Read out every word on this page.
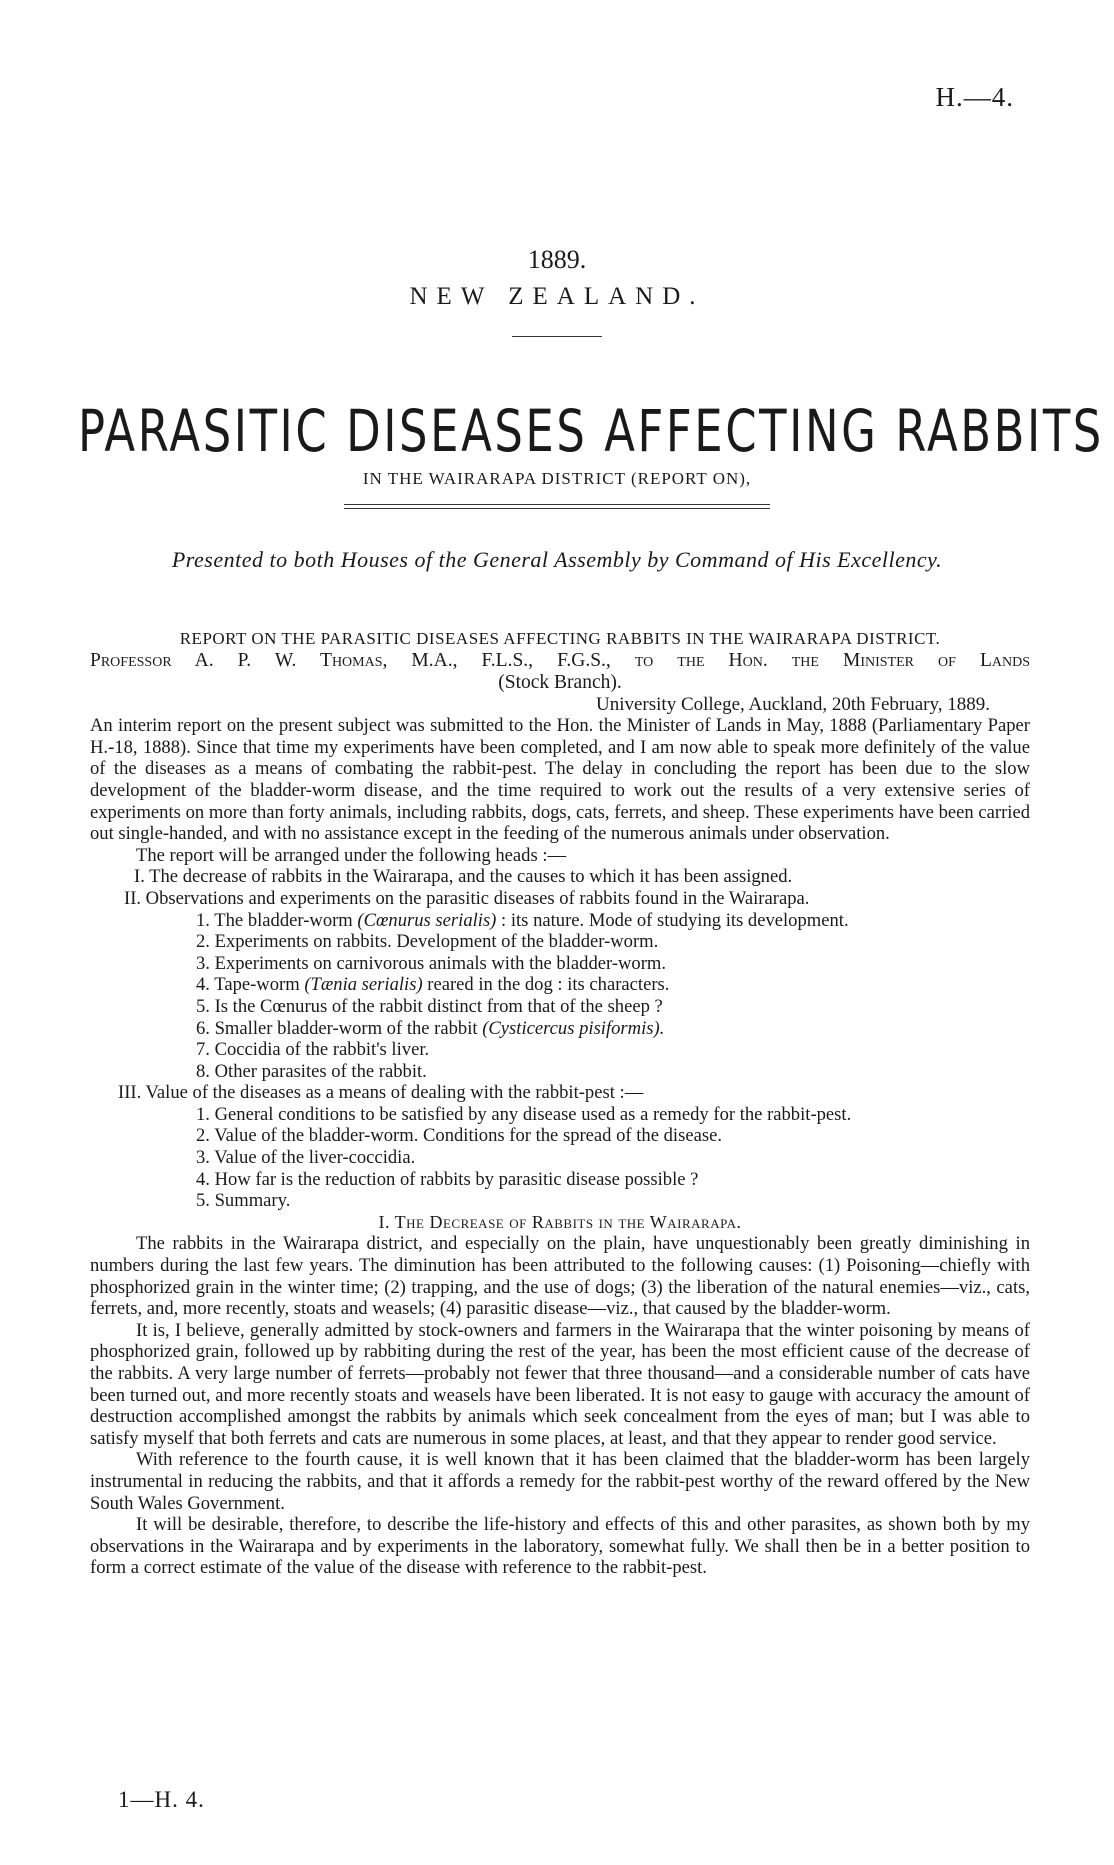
H.—4.
1889.
NEW ZEALAND.
PARASITIC DISEASES AFFECTING RABBITS
IN THE WAIRARAPA DISTRICT (REPORT ON),
Presented to both Houses of the General Assembly by Command of His Excellency.
REPORT ON THE PARASITIC DISEASES AFFECTING RABBITS IN THE WAIRARAPA DISTRICT.
Professor A. P. W. Thomas, M.A., F.L.S., F.G.S., to the Hon. the Minister of Lands
(Stock Branch).
University College, Auckland, 20th February, 1889.

An interim report on the present subject was submitted to the Hon. the Minister of Lands in May, 1888 (Parliamentary Paper H.-18, 1888). Since that time my experiments have been completed, and I am now able to speak more definitely of the value of the diseases as a means of combating the rabbit-pest. The delay in concluding the report has been due to the slow development of the bladder-worm disease, and the time required to work out the results of a very extensive series of experiments on more than forty animals, including rabbits, dogs, cats, ferrets, and sheep. These experiments have been carried out single-handed, and with no assistance except in the feeding of the numerous animals under observation.

The report will be arranged under the following heads :—

I. The decrease of rabbits in the Wairarapa, and the causes to which it has been assigned.
II. Observations and experiments on the parasitic diseases of rabbits found in the Wairarapa.
1. The bladder-worm (Cœnurus serialis) : its nature. Mode of studying its development.
2. Experiments on rabbits. Development of the bladder-worm.
3. Experiments on carnivorous animals with the bladder-worm.
4. Tape-worm (Tænia serialis) reared in the dog : its characters.
5. Is the Cœnurus of the rabbit distinct from that of the sheep ?
6. Smaller bladder-worm of the rabbit (Cysticercus pisiformis).
7. Coccidia of the rabbit's liver.
8. Other parasites of the rabbit.
III. Value of the diseases as a means of dealing with the rabbit-pest :—
1. General conditions to be satisfied by any disease used as a remedy for the rabbit-pest.
2. Value of the bladder-worm. Conditions for the spread of the disease.
3. Value of the liver-coccidia.
4. How far is the reduction of rabbits by parasitic disease possible ?
5. Summary.
I. The Decrease of Rabbits in the Wairarapa.

The rabbits in the Wairarapa district, and especially on the plain, have unquestionably been greatly diminishing in numbers during the last few years. The diminution has been attributed to the following causes: (1) Poisoning—chiefly with phosphorized grain in the winter time; (2) trapping, and the use of dogs; (3) the liberation of the natural enemies—viz., cats, ferrets, and, more recently, stoats and weasels; (4) parasitic disease—viz., that caused by the bladder-worm.

It is, I believe, generally admitted by stock-owners and farmers in the Wairarapa that the winter poisoning by means of phosphorized grain, followed up by rabbiting during the rest of the year, has been the most efficient cause of the decrease of the rabbits. A very large number of ferrets—probably not fewer that three thousand—and a considerable number of cats have been turned out, and more recently stoats and weasels have been liberated. It is not easy to gauge with accuracy the amount of destruction accomplished amongst the rabbits by animals which seek concealment from the eyes of man; but I was able to satisfy myself that both ferrets and cats are numerous in some places, at least, and that they appear to render good service.

With reference to the fourth cause, it is well known that it has been claimed that the bladder-worm has been largely instrumental in reducing the rabbits, and that it affords a remedy for the rabbit-pest worthy of the reward offered by the New South Wales Government.

It will be desirable, therefore, to describe the life-history and effects of this and other parasites, as shown both by my observations in the Wairarapa and by experiments in the laboratory, somewhat fully. We shall then be in a better position to form a correct estimate of the value of the disease with reference to the rabbit-pest.

1—H. 4.
